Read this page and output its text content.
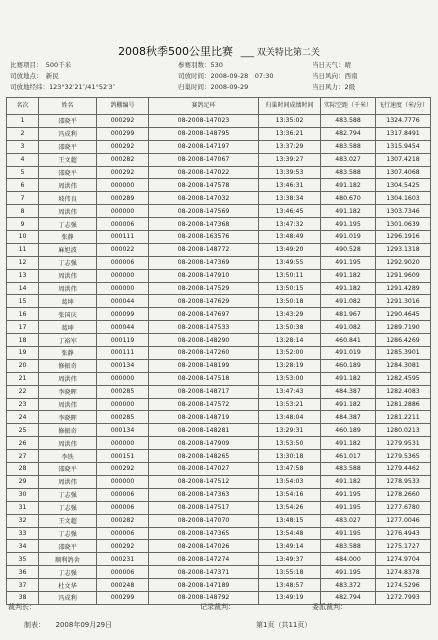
2008秋季500公里比赛 ___ 双关特比第二关
比赛项目：　500千米
司放地点：　新民
司放地经纬：123°32′21″/41°52′3″
参赛羽数：530
司放时间：2008-09-28　07:30
归巢时间：2008-09-29
当日天气：晴
当日风向：西南
当日风力：2级
名次	姓名	鸽棚编号	赛鸽足环	归巢时间成绩时间	实际空距（千米）	飞行速度（米/分）
1	邵晓平	000292	08-2008-147023	13:35:02	483.588	1324.7776
2	冯成利	000299	08-2008-148795	13:36:21	482.794	1317.8491
3	邵晓平	000292	08-2008-147197	13:37:29	483.588	1315.9454
4	王文超	000282	08-2008-147067	13:39:27	483.027	1307.4218
5	邵晓平	000292	08-2008-147022	13:39:53	483.588	1307.4068
6	周洪伟	000000	08-2008-147578	13:46:31	491.182	1304.5425
7	坡伟良	000289	08-2008-147032	13:38:34	480.670	1304.1603
8	周洪伟	000000	08-2008-147569	13:46:45	491.182	1303.7346
9	丁志强	000006	08-2008-147368	13:47:32	491.195	1301.0639
10	张静	000111	08-2008-163576	13:48:49	491.019	1296.1916
11	麻旭波	000022	08-2008-148772	13:49:20	490.528	1293.1318
12	丁志强	000006	08-2008-147369	13:49:55	491.195	1292.9020
13	周洪伟	000000	08-2008-147910	13:50:11	491.182	1291.9609
14	周洪伟	000000	08-2008-147529	13:50:15	491.182	1291.4289
15	葛坤	000044	08-2008-147629	13:50:18	491.082	1291.3016
16	张国庆	000099	08-2008-147697	13:43:29	481.967	1290.4645
17	葛坤	000044	08-2008-147533	13:50:38	491.082	1289.7190
18	丁裕军	000119	08-2008-148290	13:28:14	460.841	1286.4269
19	张静	000111	08-2008-147260	13:52:00	491.019	1285.3901
20	修振奇	000134	08-2008-148199	13:28:19	460.189	1284.3081
21	周洪伟	000000	08-2008-147518	13:53:00	491.182	1282.4595
22	李晓晖	000285	08-2008-148717	13:47:43	484.387	1282.4083
23	周洪伟	000000	08-2008-147572	13:53:21	491.182	1281.2886
24	李晓晖	000285	08-2008-148719	13:48:04	484.387	1281.2211
25	修振奇	000134	08-2008-148281	13:29:31	460.189	1280.0213
26	周洪伟	000000	08-2008-147909	13:53:50	491.182	1279.9531
27	李铁	000151	08-2008-148265	13:30:18	461.017	1279.5365
28	邵晓平	000292	08-2008-147027	13:47:58	483.588	1279.4462
29	周洪伟	000000	08-2008-147512	13:54:03	491.182	1278.9533
30	丁志强	000006	08-2008-147363	13:54:16	491.195	1278.2660
31	丁志强	000006	08-2008-147517	13:54:26	491.195	1277.6780
32	王文超	000282	08-2008-147070	13:48:15	483.027	1277.0046
33	丁志强	000006	08-2008-147365	13:54:48	491.195	1276.4943
34	邵晓平	000292	08-2008-147026	13:49:14	483.588	1275.1727
35	顺利鸽舍	000231	08-2008-147274	13:49:37	484.000	1274.9704
36	丁志强	000006	08-2008-147371	13:55:18	491.195	1274.8378
37	杜文华	000248	08-2008-147189	13:48:57	483.372	1274.5296
38	冯成利	000299	08-2008-148792	13:49:19	482.794	1272.7993
裁判长：	记录裁判：	委派裁判：
制表：　　2008年09月29日	第1页（共11页）
